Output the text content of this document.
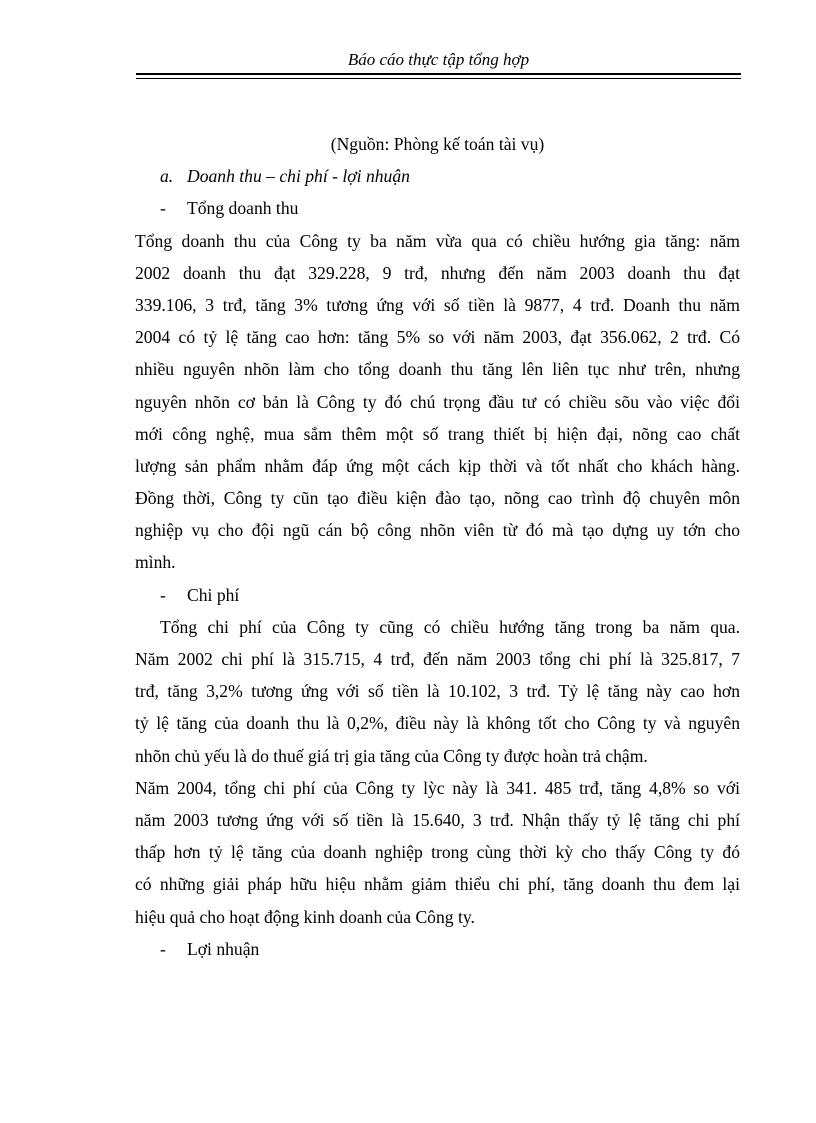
Báo cáo thực tập tổng hợp
(Nguồn: Phòng kế toán tài vụ)
a. Doanh thu – chi phí - lợi nhuận
- Tổng doanh thu
Tổng doanh thu của Công ty ba năm vừa qua có chiều hướng gia tăng: năm
2002 doanh thu đạt 329.228, 9 trđ, nhưng đến năm 2003 doanh thu đạt
339.106, 3 trđ, tăng 3% tương ứng với số tiền là 9877, 4 trđ. Doanh thu năm
2004 có tỷ lệ tăng cao hơn: tăng 5% so với năm 2003, đạt 356.062, 2 trđ. Có
nhiều nguyên nhõn làm cho tổng doanh thu tăng lên liên tục như trên, nhưng
nguyên nhõn cơ bản là Công ty đó chú trọng đầu tư có chiều sõu vào việc đổi
mới công nghệ, mua sắm thêm một số trang thiết bị hiện đại, nõng cao chất
lượng sản phẩm nhằm đáp ứng một cách kịp thời và tốt nhất cho khách hàng.
Đồng thời, Công ty cũn tạo điều kiện đào tạo, nõng cao trình độ chuyên môn
nghiệp vụ cho đội ngũ cán bộ công nhõn viên từ đó mà tạo dựng uy tớn cho
mình.
- Chi phí
Tổng chi phí của Công ty cũng có chiều hướng tăng trong ba năm qua.
Năm 2002 chi phí là 315.715, 4 trđ, đến năm 2003 tổng chi phí là 325.817, 7
trđ, tăng 3,2% tương ứng với số tiền là 10.102, 3 trđ. Tỷ lệ tăng này cao hơn
tỷ lệ tăng của doanh thu là 0,2%, điều này là không tốt cho Công ty và nguyên
nhõn chủ yếu là do thuế giá trị gia tăng của Công ty được hoàn trả chậm.
Năm 2004, tổng chi phí của Công ty lỳc này là 341. 485 trđ, tăng 4,8% so với
năm 2003 tương ứng với số tiền là 15.640, 3 trđ. Nhận thấy tỷ lệ tăng chi phí
thấp hơn tỷ lệ tăng của doanh nghiệp trong cùng thời kỳ cho thấy Công ty đó
có những giải pháp hữu hiệu nhằm giảm thiểu chi phí, tăng doanh thu đem lại
hiệu quả cho hoạt động kinh doanh của Công ty.
- Lợi nhuận
